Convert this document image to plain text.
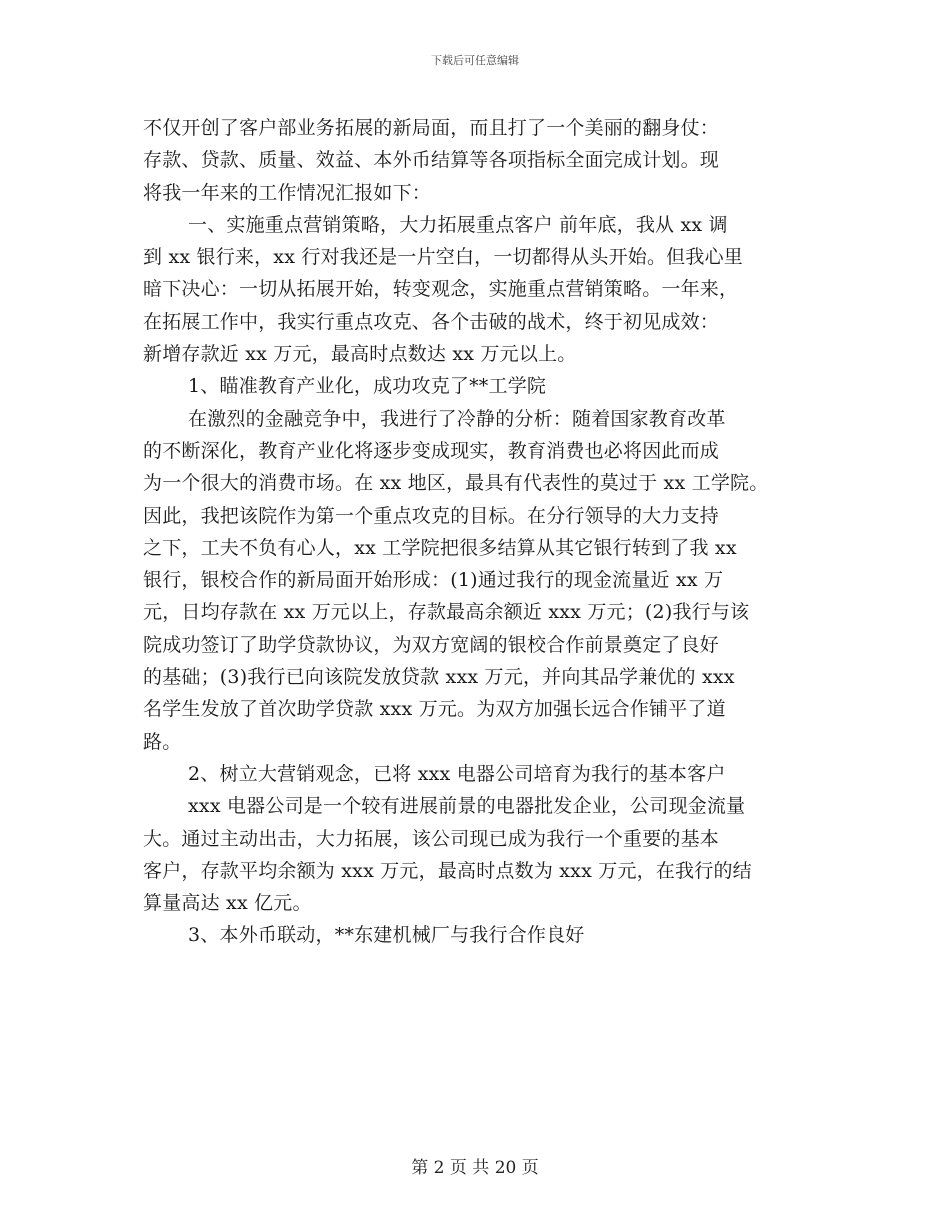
下载后可任意编辑
不仅开创了客户部业务拓展的新局面，而且打了一个美丽的翻身仗：
存款、贷款、质量、效益、本外币结算等各项指标全面完成计划。现
将我一年来的工作情况汇报如下：
一、实施重点营销策略，大力拓展重点客户 前年底，我从 xx 调
到 xx 银行来，xx 行对我还是一片空白，一切都得从头开始。但我心里
暗下决心：一切从拓展开始，转变观念，实施重点营销策略。一年来，
在拓展工作中，我实行重点攻克、各个击破的战术，终于初见成效：
新增存款近 xx 万元，最高时点数达 xx 万元以上。
1、瞄准教育产业化，成功攻克了**工学院
在激烈的金融竞争中，我进行了冷静的分析：随着国家教育改革
的不断深化，教育产业化将逐步变成现实，教育消费也必将因此而成
为一个很大的消费市场。在 xx 地区，最具有代表性的莫过于 xx 工学院。
因此，我把该院作为第一个重点攻克的目标。在分行领导的大力支持
之下，工夫不负有心人，xx 工学院把很多结算从其它银行转到了我 xx
银行，银校合作的新局面开始形成：(1)通过我行的现金流量近 xx 万
元，日均存款在 xx 万元以上，存款最高余额近 xxx 万元；(2)我行与该
院成功签订了助学贷款协议，为双方宽阔的银校合作前景奠定了良好
的基础；(3)我行已向该院发放贷款 xxx 万元，并向其品学兼优的 xxx
名学生发放了首次助学贷款 xxx 万元。为双方加强长远合作铺平了道
路。
2、树立大营销观念，已将 xxx 电器公司培育为我行的基本客户
xxx 电器公司是一个较有进展前景的电器批发企业，公司现金流量
大。通过主动出击，大力拓展，该公司现已成为我行一个重要的基本
客户，存款平均余额为 xxx 万元，最高时点数为 xxx 万元，在我行的结
算量高达 xx 亿元。
3、本外币联动，**东建机械厂与我行合作良好
第 2 页 共 20 页
